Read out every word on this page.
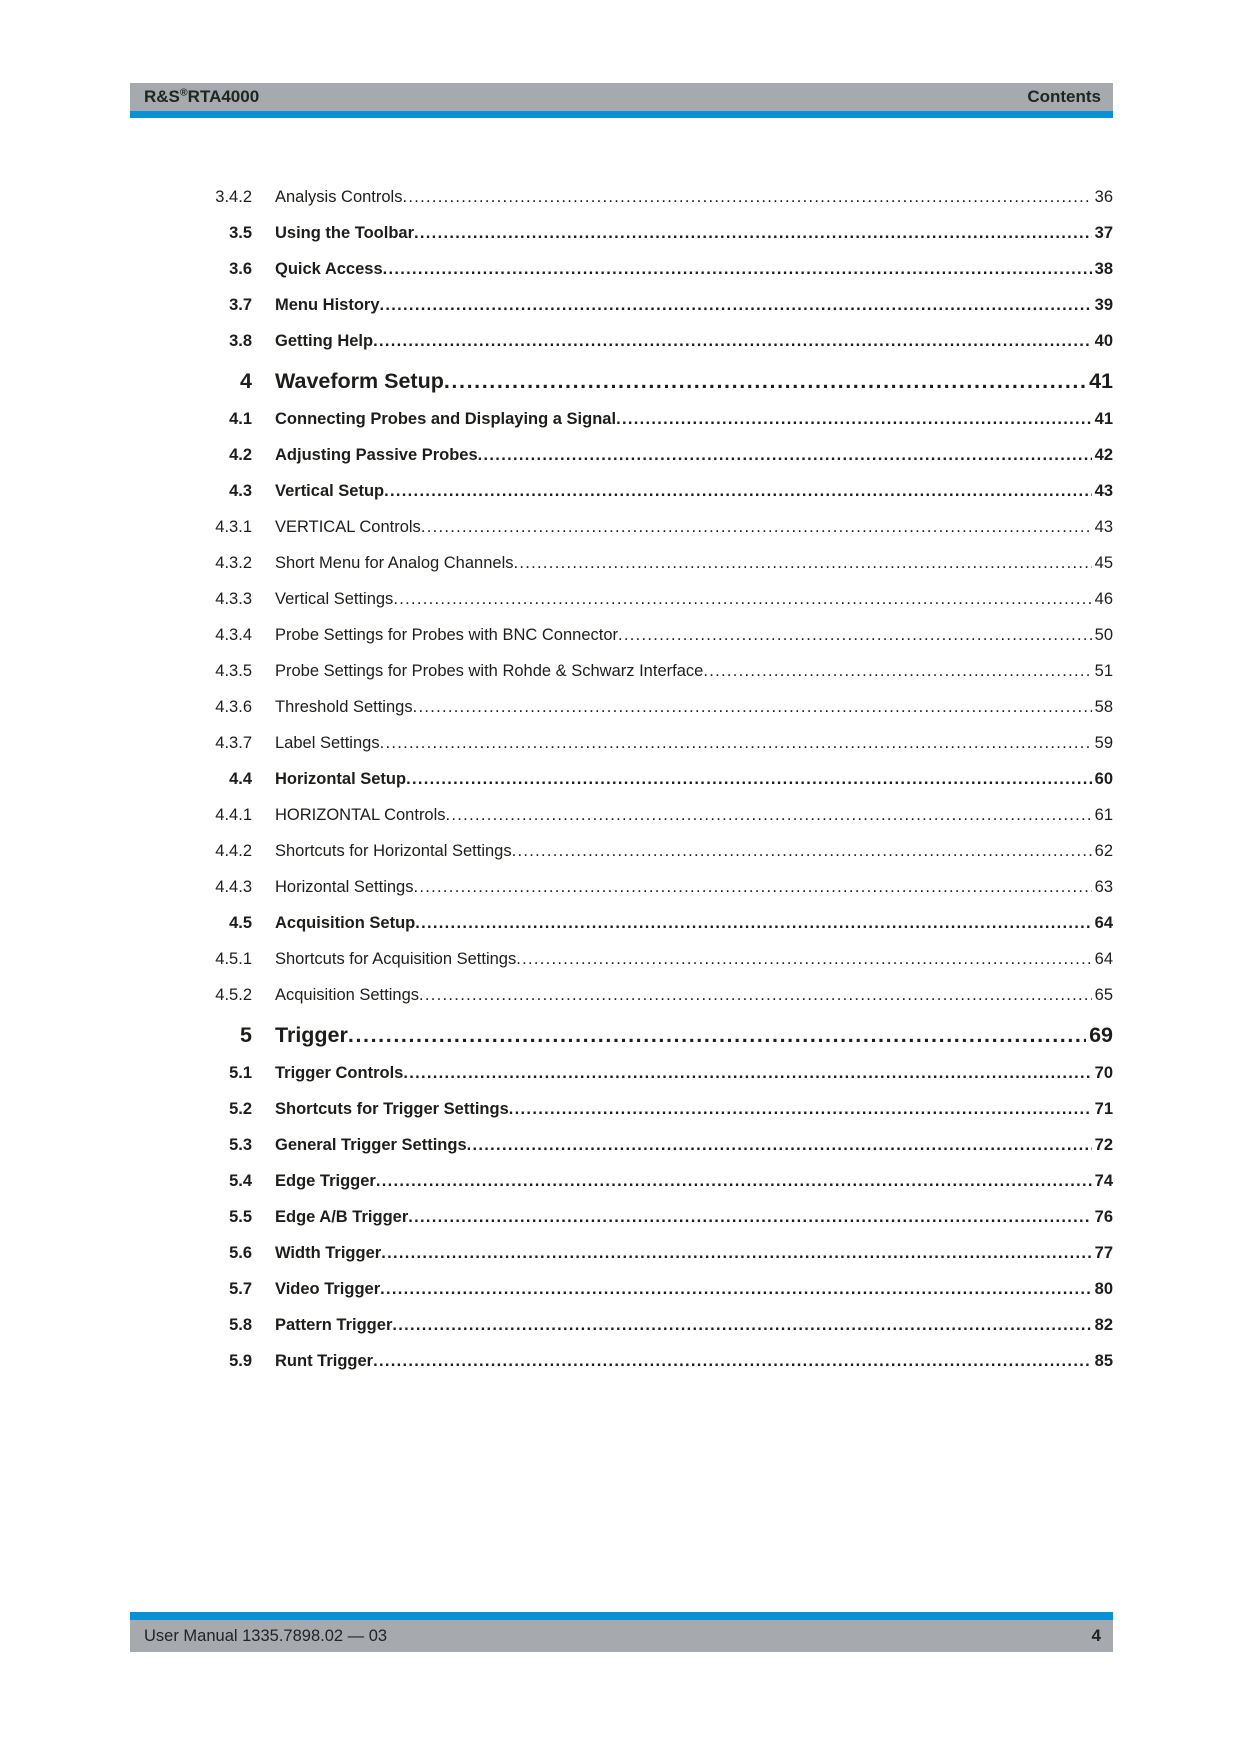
R&S®RTA4000	Contents
3.4.2 Analysis Controls .....	36
3.5 Using the Toolbar .....	37
3.6 Quick Access .....	38
3.7 Menu History .....	39
3.8 Getting Help .....	40
4 Waveform Setup .....	41
4.1 Connecting Probes and Displaying a Signal .....	41
4.2 Adjusting Passive Probes .....	42
4.3 Vertical Setup .....	43
4.3.1 VERTICAL Controls .....	43
4.3.2 Short Menu for Analog Channels .....	45
4.3.3 Vertical Settings .....	46
4.3.4 Probe Settings for Probes with BNC Connector .....	50
4.3.5 Probe Settings for Probes with Rohde & Schwarz Interface .....	51
4.3.6 Threshold Settings .....	58
4.3.7 Label Settings .....	59
4.4 Horizontal Setup .....	60
4.4.1 HORIZONTAL Controls .....	61
4.4.2 Shortcuts for Horizontal Settings .....	62
4.4.3 Horizontal Settings .....	63
4.5 Acquisition Setup .....	64
4.5.1 Shortcuts for Acquisition Settings .....	64
4.5.2 Acquisition Settings .....	65
5 Trigger .....	69
5.1 Trigger Controls .....	70
5.2 Shortcuts for Trigger Settings .....	71
5.3 General Trigger Settings .....	72
5.4 Edge Trigger .....	74
5.5 Edge A/B Trigger .....	76
5.6 Width Trigger .....	77
5.7 Video Trigger .....	80
5.8 Pattern Trigger .....	82
5.9 Runt Trigger .....	85
User Manual 1335.7898.02 — 03	4
